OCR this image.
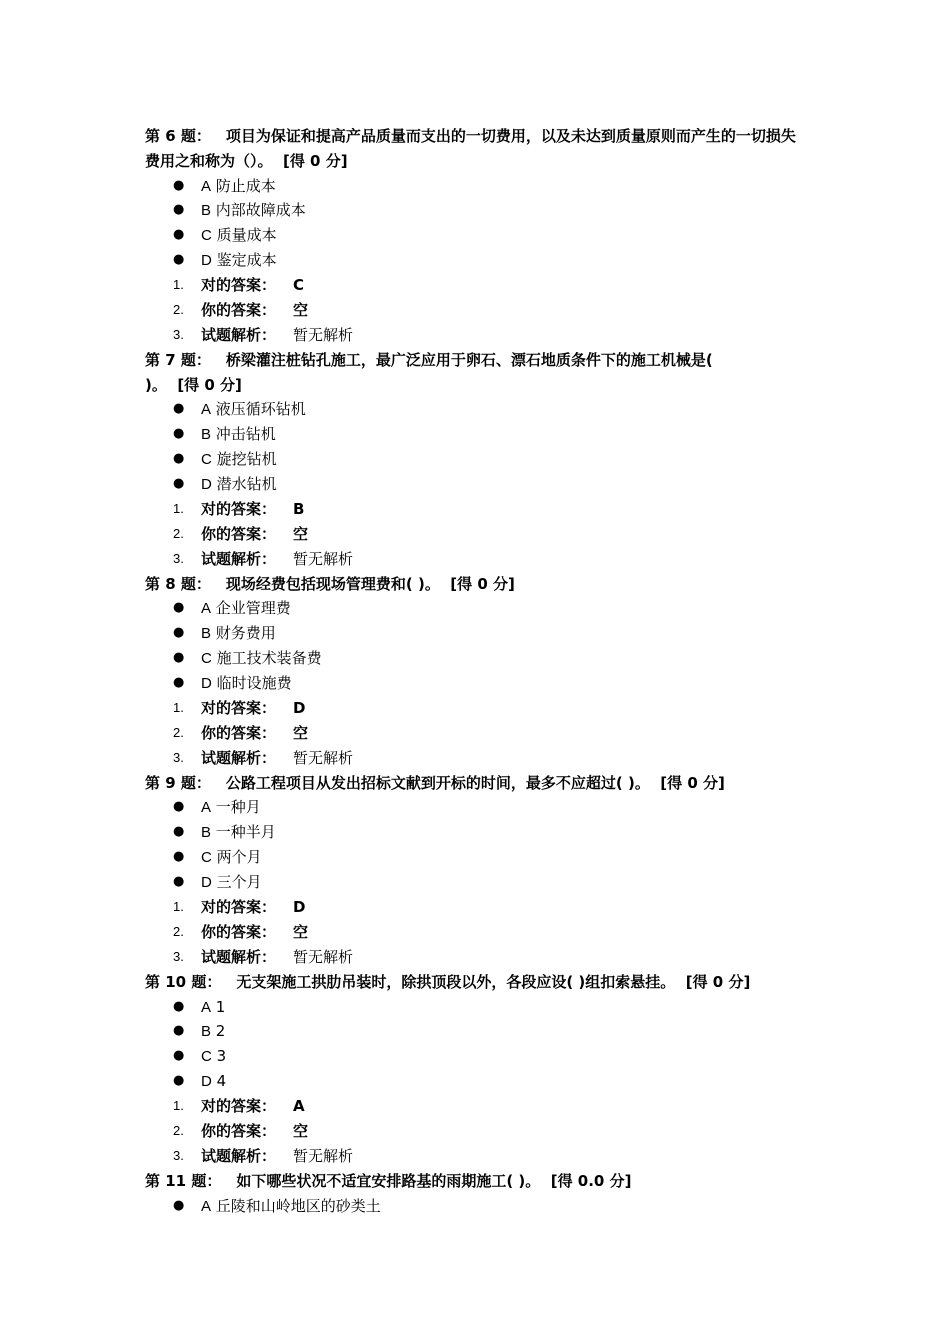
第 6 题：  项目为保证和提高产品质量而支出的一切费用，以及未达到质量原则而产生的一切损失费用之和称为（）。 [得 0 分]

● A 防止成本
● B 内部故障成本
● C 质量成本
● D 鉴定成本
1. 对的答案： C
2. 你的答案： 空
3. 试题解析： 暂无解析

第 7 题：  桥梁灌注桩钻孔施工，最广泛应用于卵石、漂石地质条件下的施工机械是( )。 [得 0 分]

● A 液压循环钻机
● B 冲击钻机
● C 旋挖钻机
● D 潜水钻机
1. 对的答案： B
2. 你的答案： 空
3. 试题解析： 暂无解析

第 8 题：  现场经费包括现场管理费和( )。 [得 0 分]

● A 企业管理费
● B 财务费用
● C 施工技术装备费
● D 临时设施费
1. 对的答案： D
2. 你的答案： 空
3. 试题解析： 暂无解析

第 9 题：  公路工程项目从发出招标文献到开标的时间，最多不应超过( )。 [得 0 分]

● A 一种月
● B 一种半月
● C 两个月
● D 三个月
1. 对的答案： D
2. 你的答案： 空
3. 试题解析： 暂无解析

第 10 题：  无支架施工拱肋吊装时，除拱顶段以外，各段应设( )组扣索悬挂。 [得 0 分]

● A 1
● B 2
● C 3
● D 4
1. 对的答案： A
2. 你的答案： 空
3. 试题解析： 暂无解析

第 11 题：  如下哪些状况不适宜安排路基的雨期施工( )。 [得 0.0 分]

● A 丘陵和山岭地区的砂类土
